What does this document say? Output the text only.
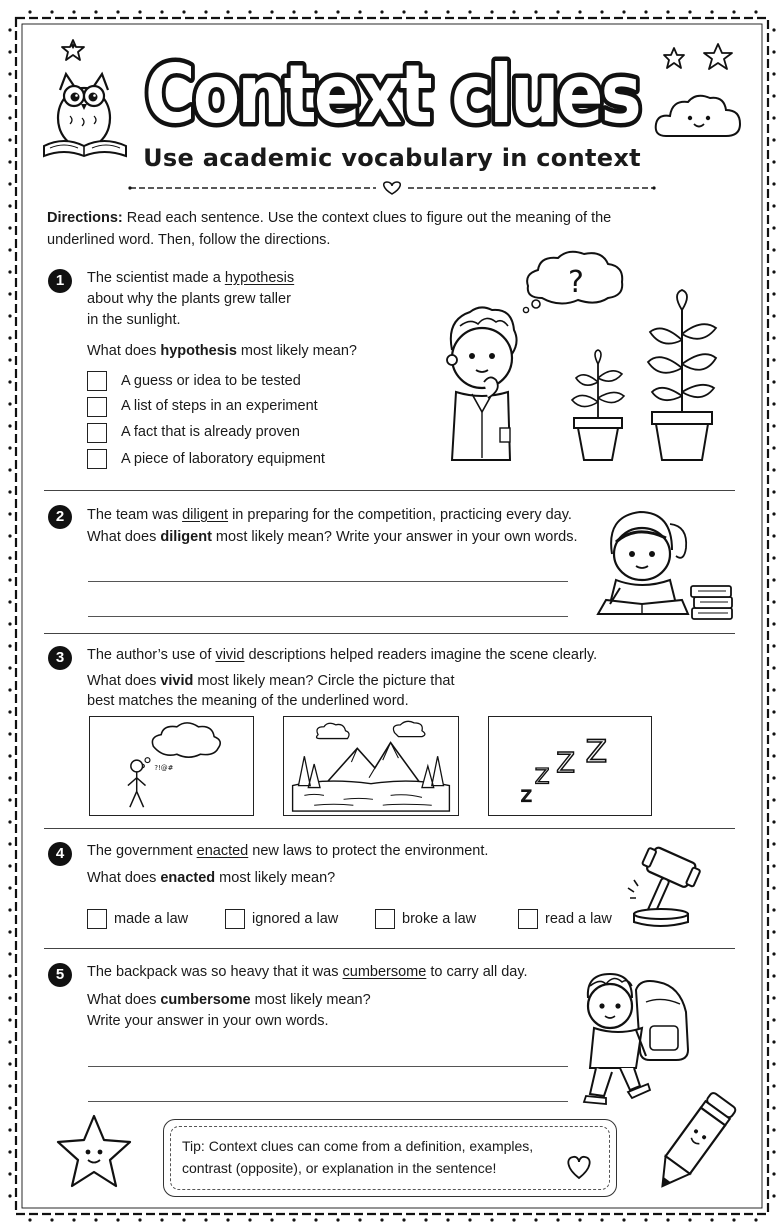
Context clues
Use academic vocabulary in context
Directions: Read each sentence. Use the context clues to figure out the meaning of the
underlined word. Then, follow the directions.
1	The scientist made a hypothesis
about why the plants grew taller
in the sunlight.
What does hypothesis most likely mean?
A guess or idea to be tested
A list of steps in an experiment
A fact that is already proven
A piece of laboratory equipment
?
2	The team was diligent in preparing for the competition, practicing every day.
What does diligent most likely mean? Write your answer in your own words.
3	The author’s use of vivid descriptions helped readers imagine the scene clearly.
What does vivid most likely mean? Circle the picture that
best matches the meaning of the underlined word.
?!@#
Z
Z Z Z
4	The government enacted new laws to protect the environment.
What does enacted most likely mean?
made a law	ignored a law	broke a law	read a law
5	The backpack was so heavy that it was cumbersome to carry all day.
What does cumbersome most likely mean?
Write your answer in your own words.
Tip: Context clues can come from a definition, examples,
contrast (opposite), or explanation in the sentence!
